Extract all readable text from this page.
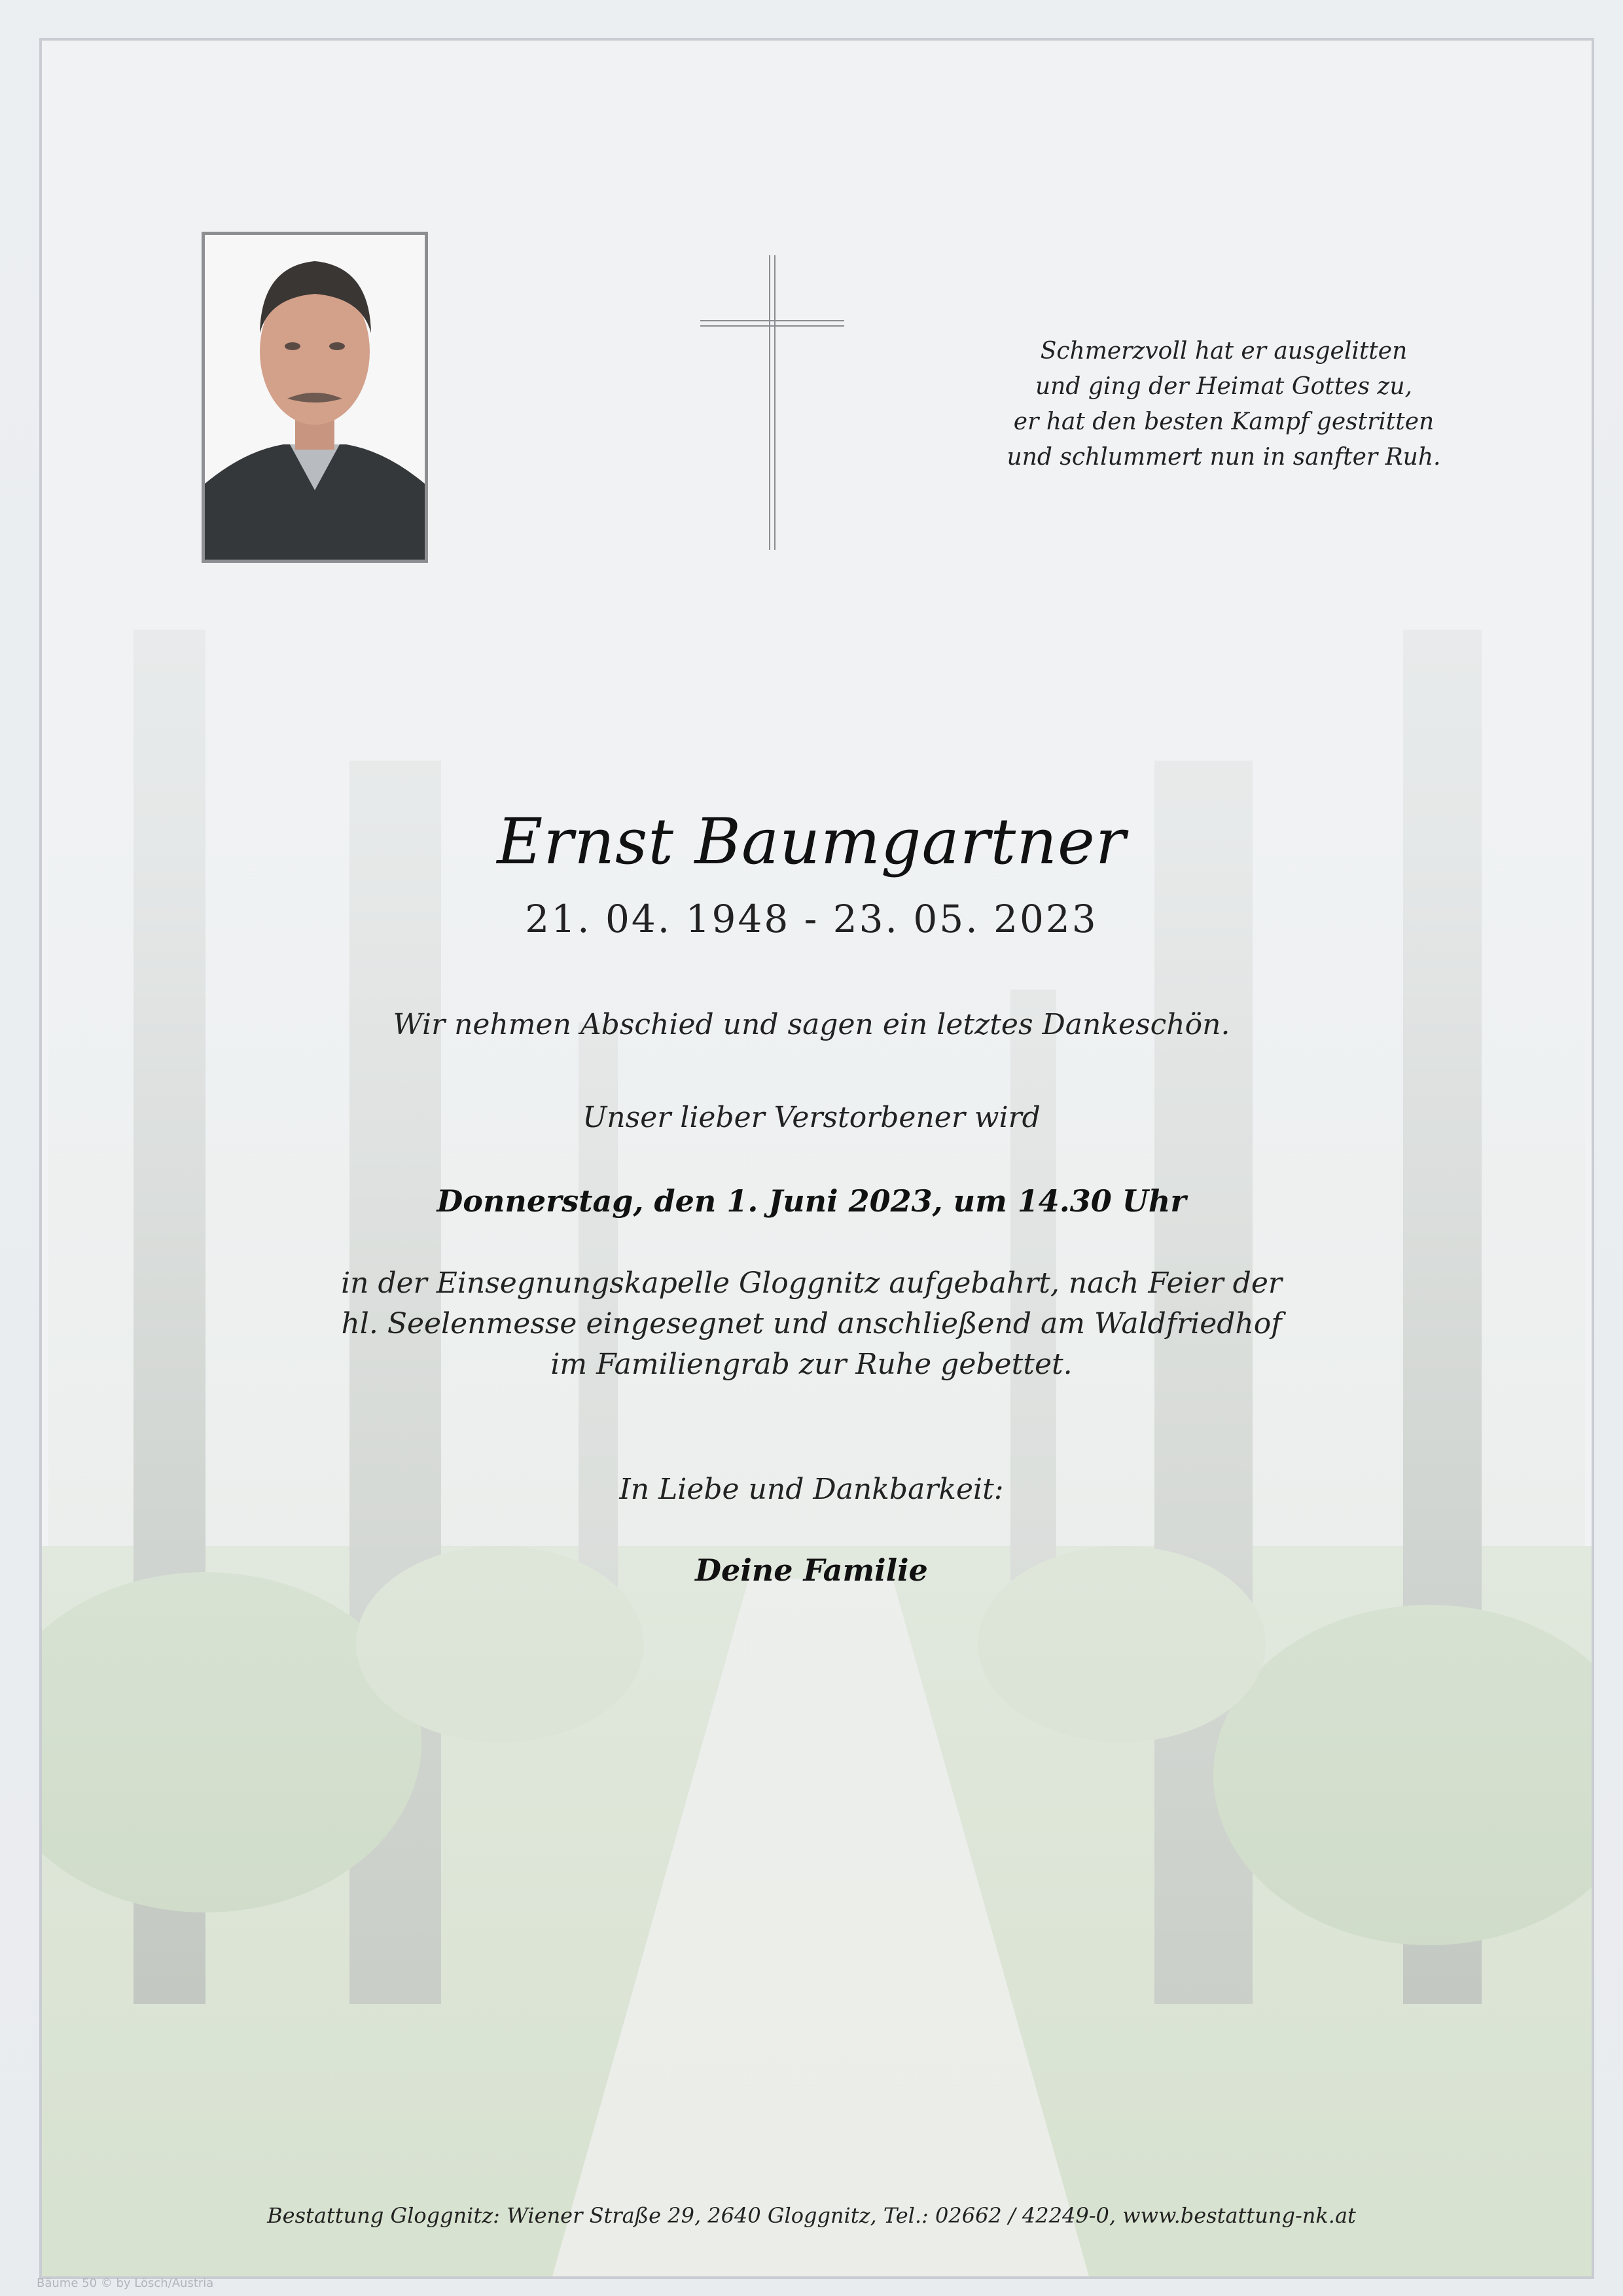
Schmerzvoll hat er ausgelitten
und ging der Heimat Gottes zu,
er hat den besten Kampf gestritten
und schlummert nun in sanfter Ruh.
Ernst Baumgartner
21. 04. 1948 - 23. 05. 2023
Wir nehmen Abschied und sagen ein letztes Dankeschön.
Unser lieber Verstorbener wird
Donnerstag, den 1. Juni 2023, um 14.30 Uhr
in der Einsegnungskapelle Gloggnitz aufgebahrt, nach Feier der
hl. Seelenmesse eingesegnet und anschließend am Waldfriedhof
im Familiengrab zur Ruhe gebettet.
In Liebe und Dankbarkeit:
Deine Familie
Bestattung Gloggnitz: Wiener Straße 29, 2640 Gloggnitz, Tel.: 02662 / 42249-0, www.bestattung-nk.at
Bäume 50 © by Lösch/Austria
